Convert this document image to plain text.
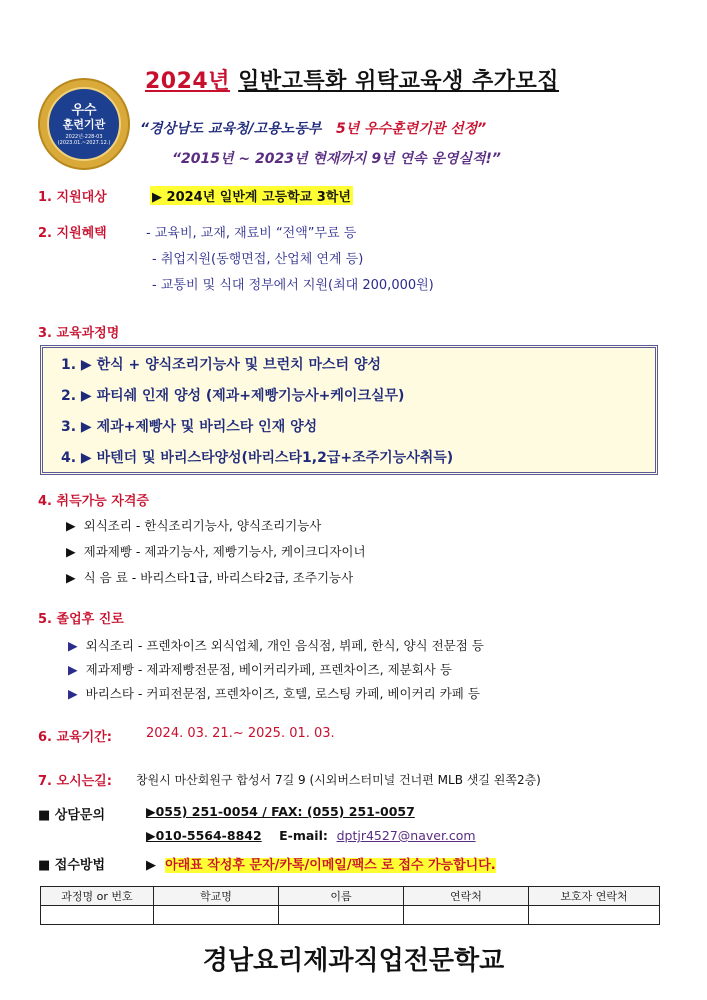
우수
훈련기관
2022년-228-03
(2023.01.~2027.12.)
2024년 일반고특화 위탁교육생 추가모집
“경상남도 교육청/고용노동부 5년 우수훈련기관 선정”
“2015년 ~ 2023년 현재까지 9년 연속 운영실적!”
1. 지원대상	▶ 2024년 일반계 고등학교 3학년
2. 지원혜택	- 교육비, 교재, 재료비 “전액”무료 등
- 취업지원(동행면접, 산업체 연계 등)
- 교통비 및 식대 정부에서 지원(최대 200,000원)
3. 교육과정명
1. ▶ 한식 + 양식조리기능사 및 브런치 마스터 양성
2. ▶ 파티쉐 인재 양성 (제과+제빵기능사+케이크실무)
3. ▶ 제과+제빵사 및 바리스타 인재 양성
4. ▶ 바텐더 및 바리스타양성(바리스타1,2급+조주기능사취득)
4. 취득가능 자격증
▶ 외식조리 - 한식조리기능사, 양식조리기능사
▶ 제과제빵 - 제과기능사, 제빵기능사, 케이크디자이너
▶ 식 음 료 - 바리스타1급, 바리스타2급, 조주기능사
5. 졸업후 진로
▶ 외식조리 - 프렌차이즈 외식업체, 개인 음식점, 뷔페, 한식, 양식 전문점 등
▶ 제과제빵 - 제과제빵전문점, 베이커리카페, 프렌차이즈, 제분회사 등
▶ 바리스타 - 커피전문점, 프렌차이즈, 호텔, 로스팅 카페, 베이커리 카페 등
6. 교육기간:	2024. 03. 21.~ 2025. 01. 03.
7. 오시는길: 창원시 마산회원구 합성서 7길 9 (시외버스터미널 건너편 MLB 샛길 왼쪽2층)
■ 상담문의	▶055) 251-0054 / FAX: (055) 251-0057
▶010-5564-8842 E-mail: dptjr4527@naver.com
■ 접수방법	▶ 아래표 작성후 문자/카톡/이메일/팩스 로 접수 가능합니다.
과정명 or 번호	학교명	이름	연락처	보호자 연락처

경남요리제과직업전문학교
